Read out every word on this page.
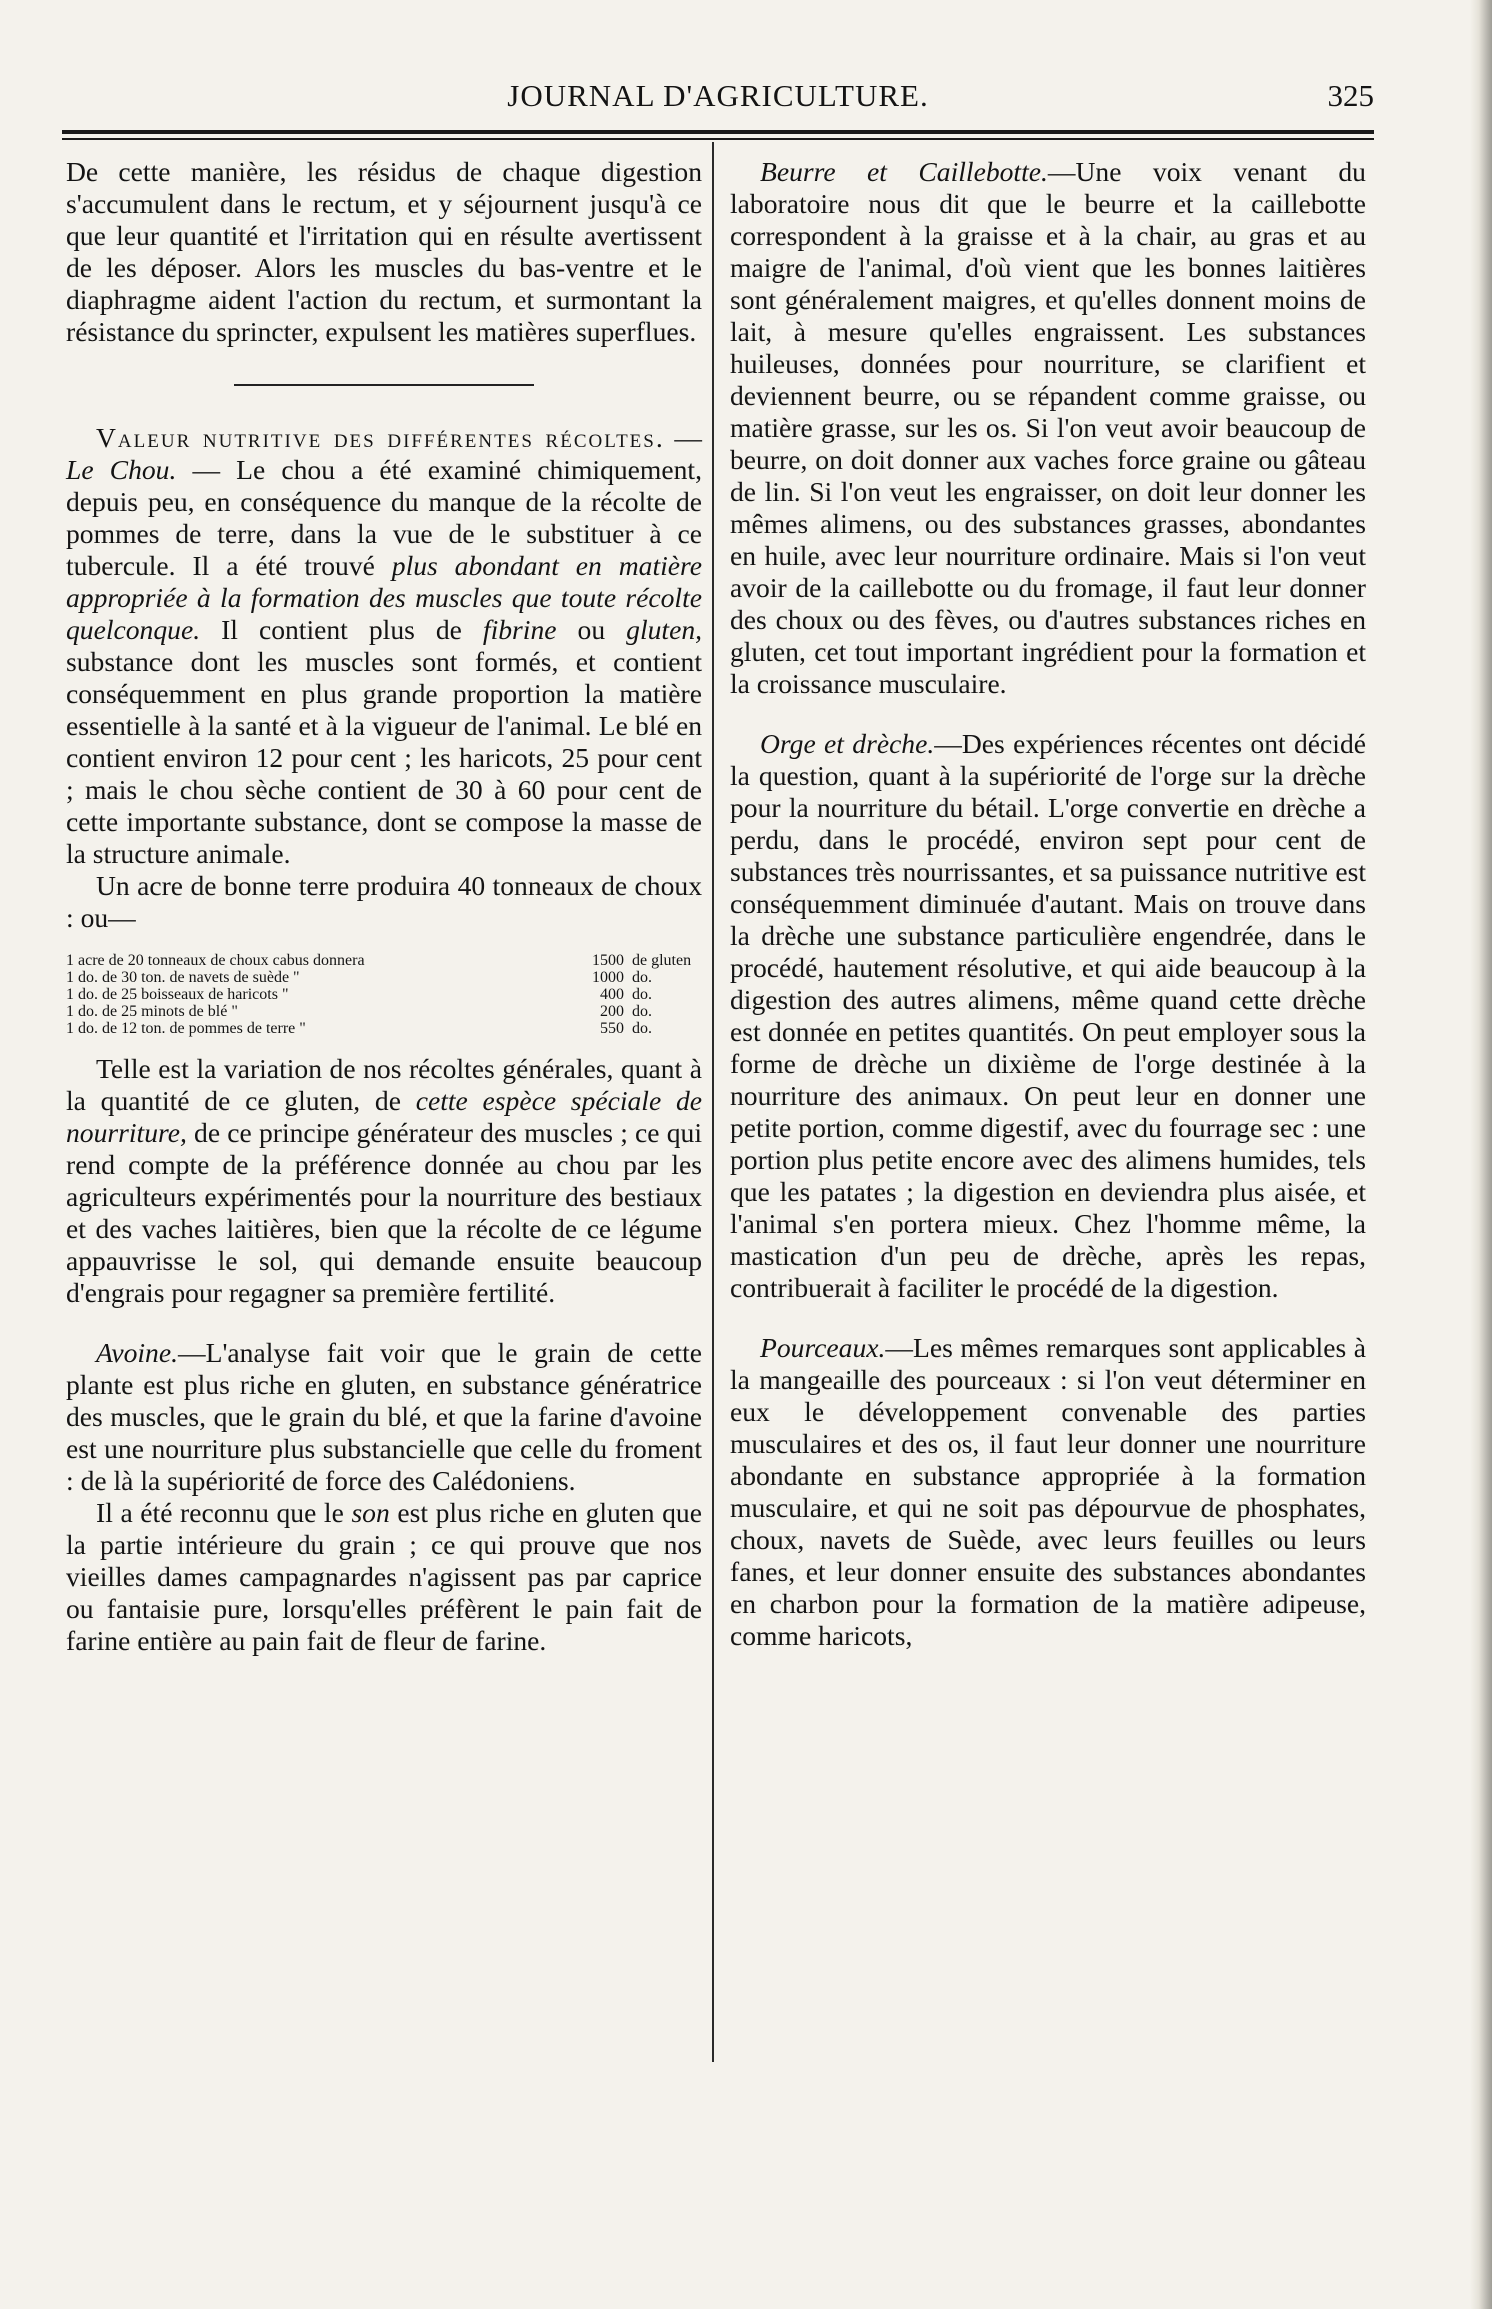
JOURNAL D'AGRICULTURE.	325

De cette manière, les résidus de chaque digestion s'accumulent dans le rectum, et y séjournent jusqu'à ce que leur quantité et l'irritation qui en résulte avertissent de les déposer. Alors les muscles du bas-ventre et le diaphragme aident l'action du rectum, et surmontant la résistance du sprincter, expulsent les matières superflues.

Valeur nutritive des différentes récoltes. — Le Chou. — Le chou a été examiné chimiquement, depuis peu, en conséquence du manque de la récolte de pommes de terre, dans la vue de le substituer à ce tubercule. Il a été trouvé plus abondant en matière appropriée à la formation des muscles que toute récolte quelconque. Il contient plus de fibrine ou gluten, substance dont les muscles sont formés, et contient conséquemment en plus grande proportion la matière essentielle à la santé et à la vigueur de l'animal. Le blé en contient environ 12 pour cent ; les haricots, 25 pour cent ; mais le chou sèche contient de 30 à 60 pour cent de cette importante substance, dont se compose la masse de la structure animale.

Un acre de bonne terre produira 40 tonneaux de choux : ou—

1 acre de 20 tonneaux de choux cabus donnera	1500 de gluten
1 do. de 30 ton. de navets de suède "	1000 do.
1 do. de 25 boisseaux de haricots "	400 do.
1 do. de 25 minots de blé "	200 do.
1 do. de 12 ton. de pommes de terre "	550 do.

Telle est la variation de nos récoltes générales, quant à la quantité de ce gluten, de cette espèce spéciale de nourriture, de ce principe générateur des muscles ; ce qui rend compte de la préférence donnée au chou par les agriculteurs expérimentés pour la nourriture des bestiaux et des vaches laitières, bien que la récolte de ce légume appauvrisse le sol, qui demande ensuite beaucoup d'engrais pour regagner sa première fertilité.

Avoine.—L'analyse fait voir que le grain de cette plante est plus riche en gluten, en substance génératrice des muscles, que le grain du blé, et que la farine d'avoine est une nourriture plus substancielle que celle du froment : de là la supériorité de force des Calédoniens.

Il a été reconnu que le son est plus riche en gluten que la partie intérieure du grain ; ce qui prouve que nos vieilles dames campagnardes n'agissent pas par caprice ou fantaisie pure, lorsqu'elles préfèrent le pain fait de farine entière au pain fait de fleur de farine.

Beurre et Caillebotte.—Une voix venant du laboratoire nous dit que le beurre et la caillebotte correspondent à la graisse et à la chair, au gras et au maigre de l'animal, d'où vient que les bonnes laitières sont généralement maigres, et qu'elles donnent moins de lait, à mesure qu'elles engraissent. Les substances huileuses, données pour nourriture, se clarifient et deviennent beurre, ou se répandent comme graisse, ou matière grasse, sur les os. Si l'on veut avoir beaucoup de beurre, on doit donner aux vaches force graine ou gâteau de lin. Si l'on veut les engraisser, on doit leur donner les mêmes alimens, ou des substances grasses, abondantes en huile, avec leur nourriture ordinaire. Mais si l'on veut avoir de la caillebotte ou du fromage, il faut leur donner des choux ou des fèves, ou d'autres substances riches en gluten, cet tout important ingrédient pour la formation et la croissance musculaire.

Orge et drèche.—Des expériences récentes ont décidé la question, quant à la supériorité de l'orge sur la drèche pour la nourriture du bétail. L'orge convertie en drèche a perdu, dans le procédé, environ sept pour cent de substances très nourrissantes, et sa puissance nutritive est conséquemment diminuée d'autant. Mais on trouve dans la drèche une substance particulière engendrée, dans le procédé, hautement résolutive, et qui aide beaucoup à la digestion des autres alimens, même quand cette drèche est donnée en petites quantités. On peut employer sous la forme de drèche un dixième de l'orge destinée à la nourriture des animaux. On peut leur en donner une petite portion, comme digestif, avec du fourrage sec : une portion plus petite encore avec des alimens humides, tels que les patates ; la digestion en deviendra plus aisée, et l'animal s'en portera mieux. Chez l'homme même, la mastication d'un peu de drèche, après les repas, contribuerait à faciliter le procédé de la digestion.

Pourceaux.—Les mêmes remarques sont applicables à la mangeaille des pourceaux : si l'on veut déterminer en eux le développement convenable des parties musculaires et des os, il faut leur donner une nourriture abondante en substance appropriée à la formation musculaire, et qui ne soit pas dépourvue de phosphates, choux, navets de Suède, avec leurs feuilles ou leurs fanes, et leur donner ensuite des substances abondantes en charbon pour la formation de la matière adipeuse, comme haricots,
